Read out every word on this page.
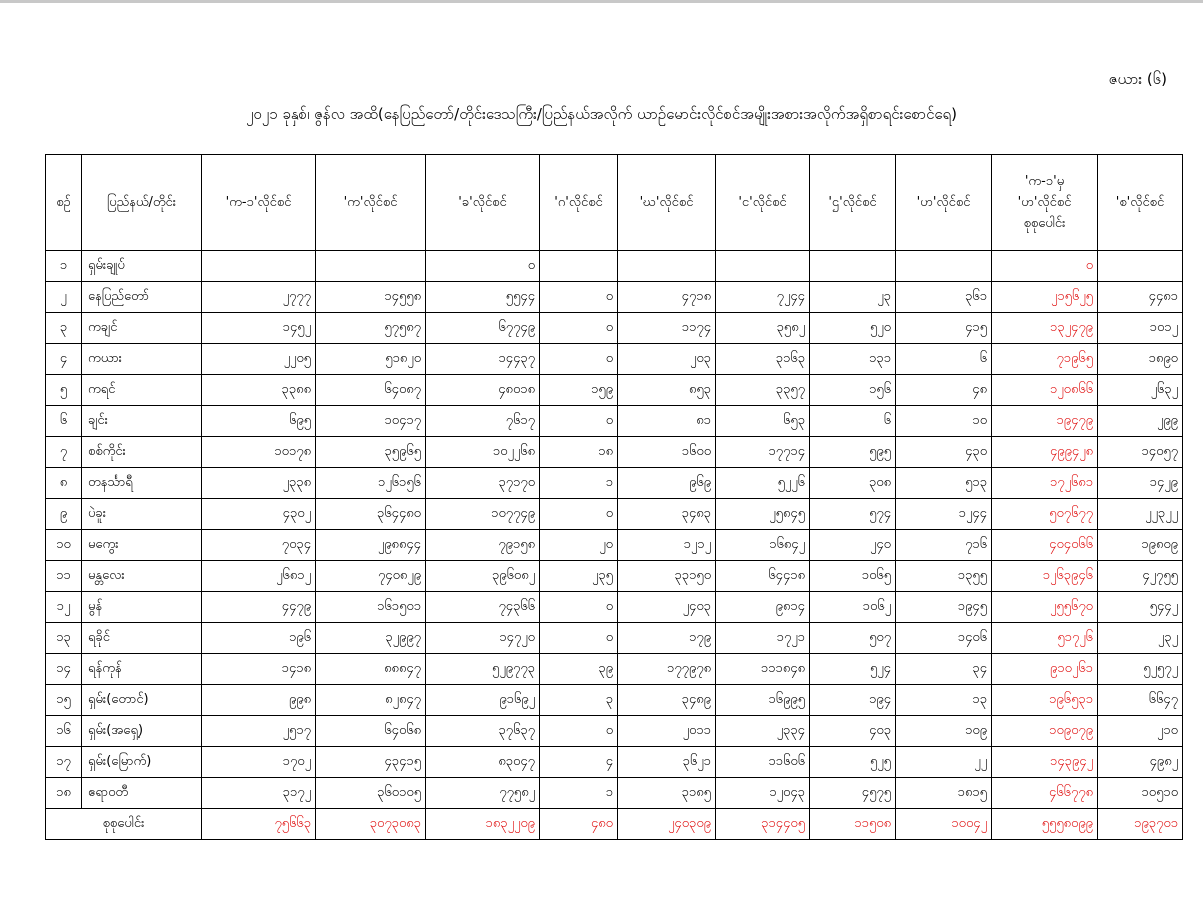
ဇယား (၆)
၂၀၂၁ ခုနှစ်၊ ဇွန်လ အထိ(နေပြည်တော်/တိုင်းဒေသကြီး/ပြည်နယ်အလိုက် ယာဉ်မောင်းလိုင်စင်အမျိုးအစားအလိုက်အရှိစာရင်းစောင်ရေ)
စဉ်	ပြည်နယ်/တိုင်း	'က-၁'လိုင်စင်	'က'လိုင်စင်	'ခ'လိုင်စင်	'ဂ'လိုင်စင်	'ဃ'လိုင်စင်	'င'လိုင်စင်	'ဌ'လိုင်စင်	'ဟ'လိုင်စင်	'က-၁'မှ
'ဟ'လိုင်စင်
စုစုပေါင်း	'စ'လိုင်စင်
၁	ရှမ်းချုပ်			၀						၀	
၂	နေပြည်တော်	၂၇၇၇	၁၄၅၅၈	၅၅၄၄	၀	၄၇၁၈	၇၂၄၄	၂၃	၃၆၁	၂၁၅၆၂၅	၄၄၈၁
၃	ကချင်	၁၄၅၂	၅၇၅၈၇	၆၇၇၄၉	၀	၁၁၇၄	၃၅၈၂	၅၂၀	၄၁၅	၁၃၂၄၇၉	၁၀၁၂
၄	ကယား	၂၂၀၅	၅၁၈၂၀	၁၄၄၃၇	၀	၂၀၃	၃၁၆၃	၁၃၁	၆	၇၁၉၆၅	၁၈၉၀
၅	ကရင်	၃၃၈၈	၆၄၀၈၇	၄၈၀၁၈	၁၅၉	၈၅၃	၃၃၅၇	၁၅၆	၄၈	၁၂၀၈၆၆	၂၆၃၂
၆	ချင်း	၆၉၅	၁၀၄၁၇	၇၆၁၇	၀	၈၁	၆၅၃	၆	၁၀	၁၉၄၇၉	၂၉၉
၇	စစ်ကိုင်း	၁၀၁၇၈	၃၅၉၆၅	၁၀၂၂၆၈	၁၈	၁၆၀၀	၁၇၇၁၄	၅၉၅	၄၃၀	၄၉၉၄၂၈	၁၄၀၅၇
၈	တနင်္သာရီ	၂၃၃၈	၁၂၆၁၅၆	၃၇၁၇၀	၁	၉၆၉	၅၂၂၆	၃၀၈	၅၁၃	၁၇၂၆၈၁	၁၄၂၉
၉	ပဲခူး	၄၃၀၂	၃၆၄၄၈၀	၁၀၇၇၄၉	၀	၃၄၈၃	၂၅၈၄၅	၅၇၄	၁၂၄၄	၅၀၇၆၇၇	၂၂၃၂၂
၁၀	မကွေး	၇၀၃၄	၂၉၈၈၄၄	၇၉၁၅၈	၂၀	၁၂၁၂	၁၆၈၄၂	၂၄၀	၇၁၆	၄၀၄၀၆၆	၁၉၈၀၉
၁၁	မန္တလေး	၂၆၈၁၂	၇၄၀၈၂၉	၃၉၆၀၈၂	၂၃၅	၃၃၁၅၀	၆၄၄၁၈	၁၀၆၅	၁၃၅၅	၁၂၆၃၉၄၆	၄၂၇၅၅
၁၂	မွန်	၄၄၇၉	၁၆၁၅၀၁	၇၄၃၆၆	၀	၂၄၀၃	၉၈၁၄	၁၀၆၂	၁၉၄၅	၂၅၅၆၇၀	၅၄၄၂
၁၃	ရခိုင်	၁၉၆	၃၂၉၉၇	၁၄၇၂၀	၀	၁၇၉	၁၇၂၁	၅၀၇	၁၄၀၆	၅၁၇၂၆	၂၃၂
၁၄	ရန်ကုန်	၁၄၁၈	၈၈၈၄၇	၅၂၉၇၇၃	၃၉	၁၇၇၉၇၈	၁၁၁၈၄၈	၅၂၄	၃၄	၉၁၀၂၆၁	၅၂၅၇၂
၁၅	ရှမ်း(တောင်)	၉၉၈	၈၂၈၄၇	၉၁၆၉၂	၃	၃၄၈၉	၁၆၉၉၅	၁၉၄	၁၃	၁၉၆၅၃၁	၆၆၄၇
၁၆	ရှမ်း(အရှေ့)	၂၅၁၇	၆၄၀၆၈	၃၇၆၃၇	၀	၂၀၁၁	၂၃၃၄	၄၀၃	၁၀၉	၁၀၉၀၇၉	၂၁၀
၁၇	ရှမ်း(မြောက်)	၁၇၀၂	၄၃၄၁၅	၈၃၀၄၇	၄	၃၆၂၁	၁၁၆၀၆	၅၂၅	၂၂	၁၄၃၉၄၂	၄၉၈၂
၁၈	ဧရာဝတီ	၃၁၇၂	၃၆၀၁၀၅	၇၇၅၈၂	၁	၃၁၈၅	၁၂၀၄၃	၄၅၇၅	၁၈၁၅	၄၆၆၇၇၈	၁၀၅၁၀
စုစုပေါင်း		၇၅၆၆၃	၃၀၇၃၀၈၃	၁၈၃၂၂၀၉	၄၈၀	၂၄၀၃၀၉	၃၁၄၄၀၅	၁၁၅၀၈	၁၀၀၄၂	၅၅၅၈၀၉၉	၁၉၃၇၀၁
